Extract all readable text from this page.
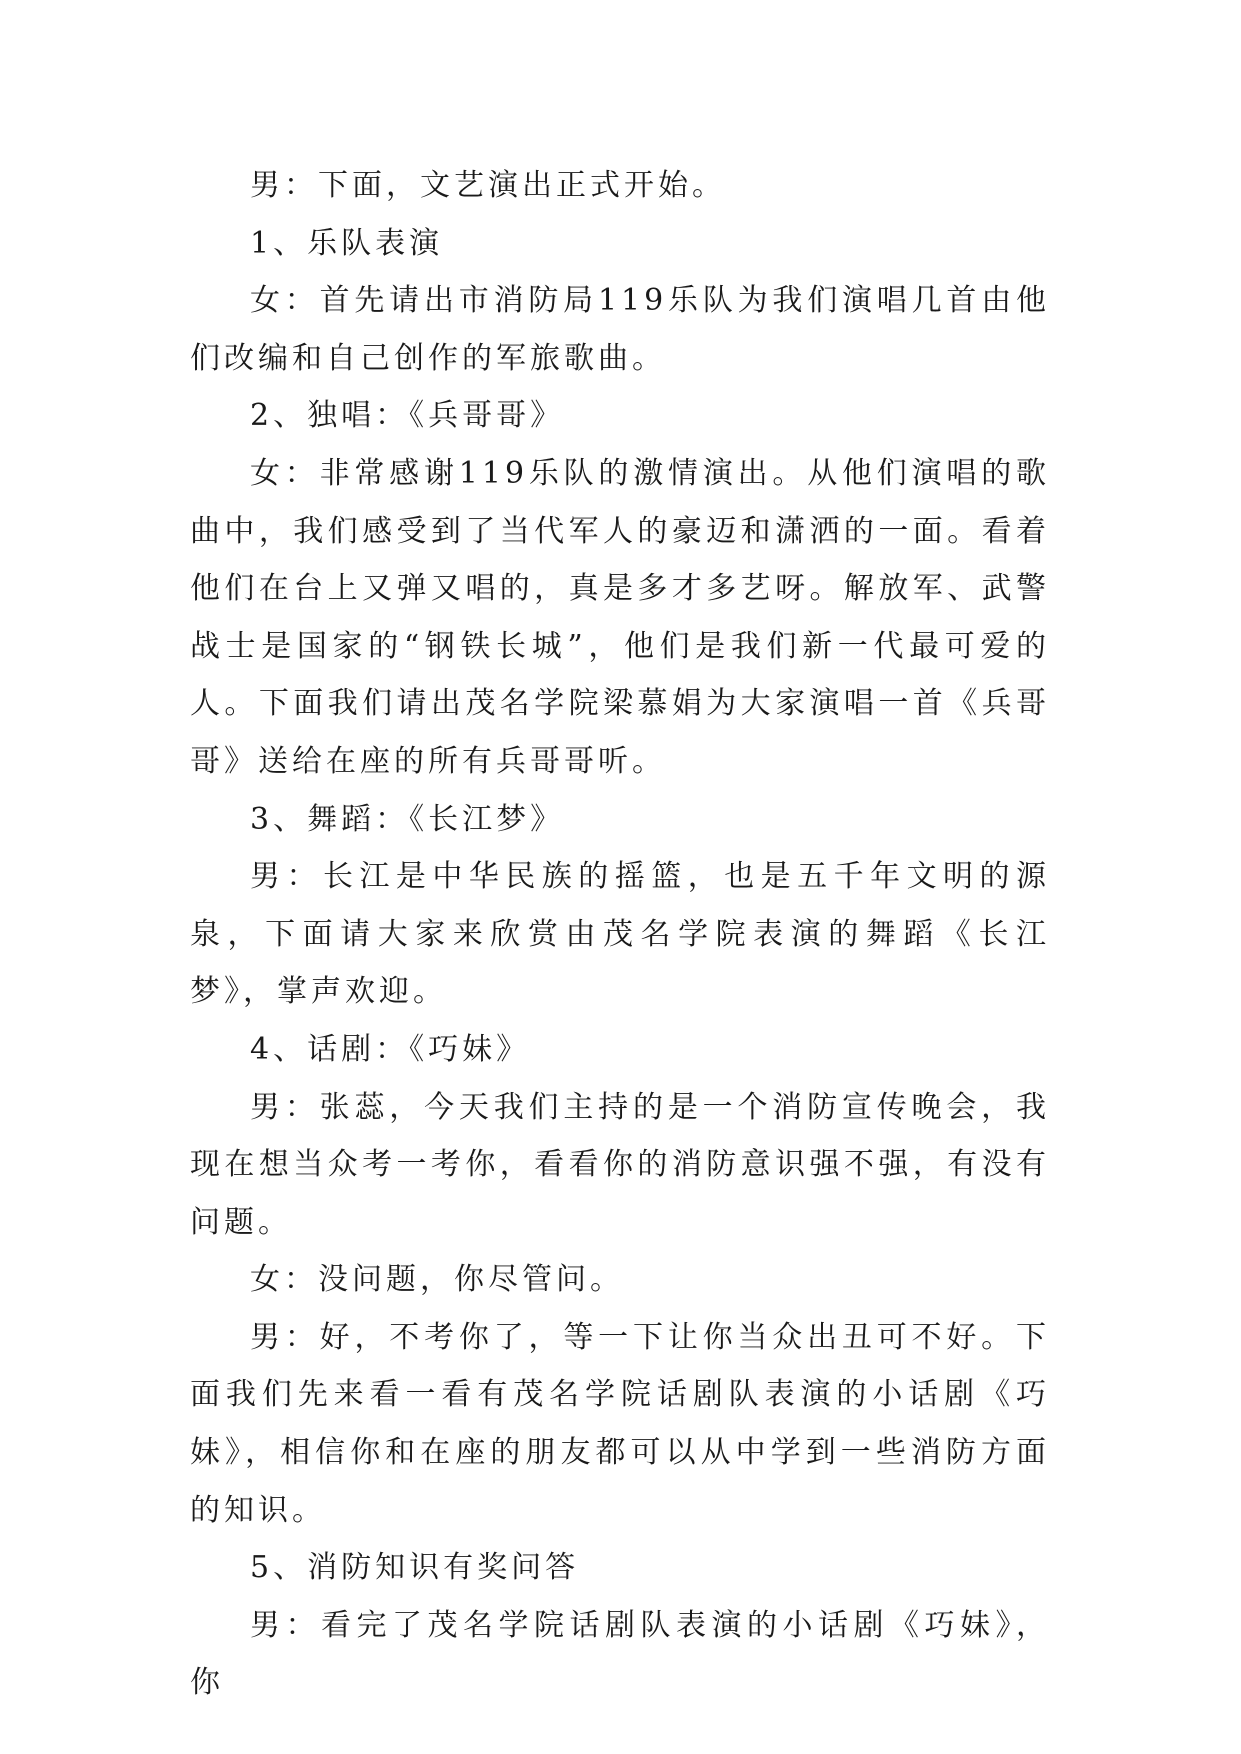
男：下面，文艺演出正式开始。

1、乐队表演

女：首先请出市消防局119乐队为我们演唱几首由他们改编和自己创作的军旅歌曲。

2、独唱：《兵哥哥》

女：非常感谢119乐队的激情演出。从他们演唱的歌曲中，我们感受到了当代军人的豪迈和潇洒的一面。看着他们在台上又弹又唱的，真是多才多艺呀。解放军、武警战士是国家的“钢铁长城”，他们是我们新一代最可爱的人。下面我们请出茂名学院梁慕娟为大家演唱一首《兵哥哥》送给在座的所有兵哥哥听。

3、舞蹈：《长江梦》

男：长江是中华民族的摇篮，也是五千年文明的源泉，下面请大家来欣赏由茂名学院表演的舞蹈《长江梦》，掌声欢迎。

4、话剧：《巧妹》

男：张蕊，今天我们主持的是一个消防宣传晚会，我现在想当众考一考你，看看你的消防意识强不强，有没有问题。

女：没问题，你尽管问。

男：好，不考你了，等一下让你当众出丑可不好。下面我们先来看一看有茂名学院话剧队表演的小话剧《巧妹》，相信你和在座的朋友都可以从中学到一些消防方面的知识。

5、消防知识有奖问答

男：看完了茂名学院话剧队表演的小话剧《巧妹》，你
